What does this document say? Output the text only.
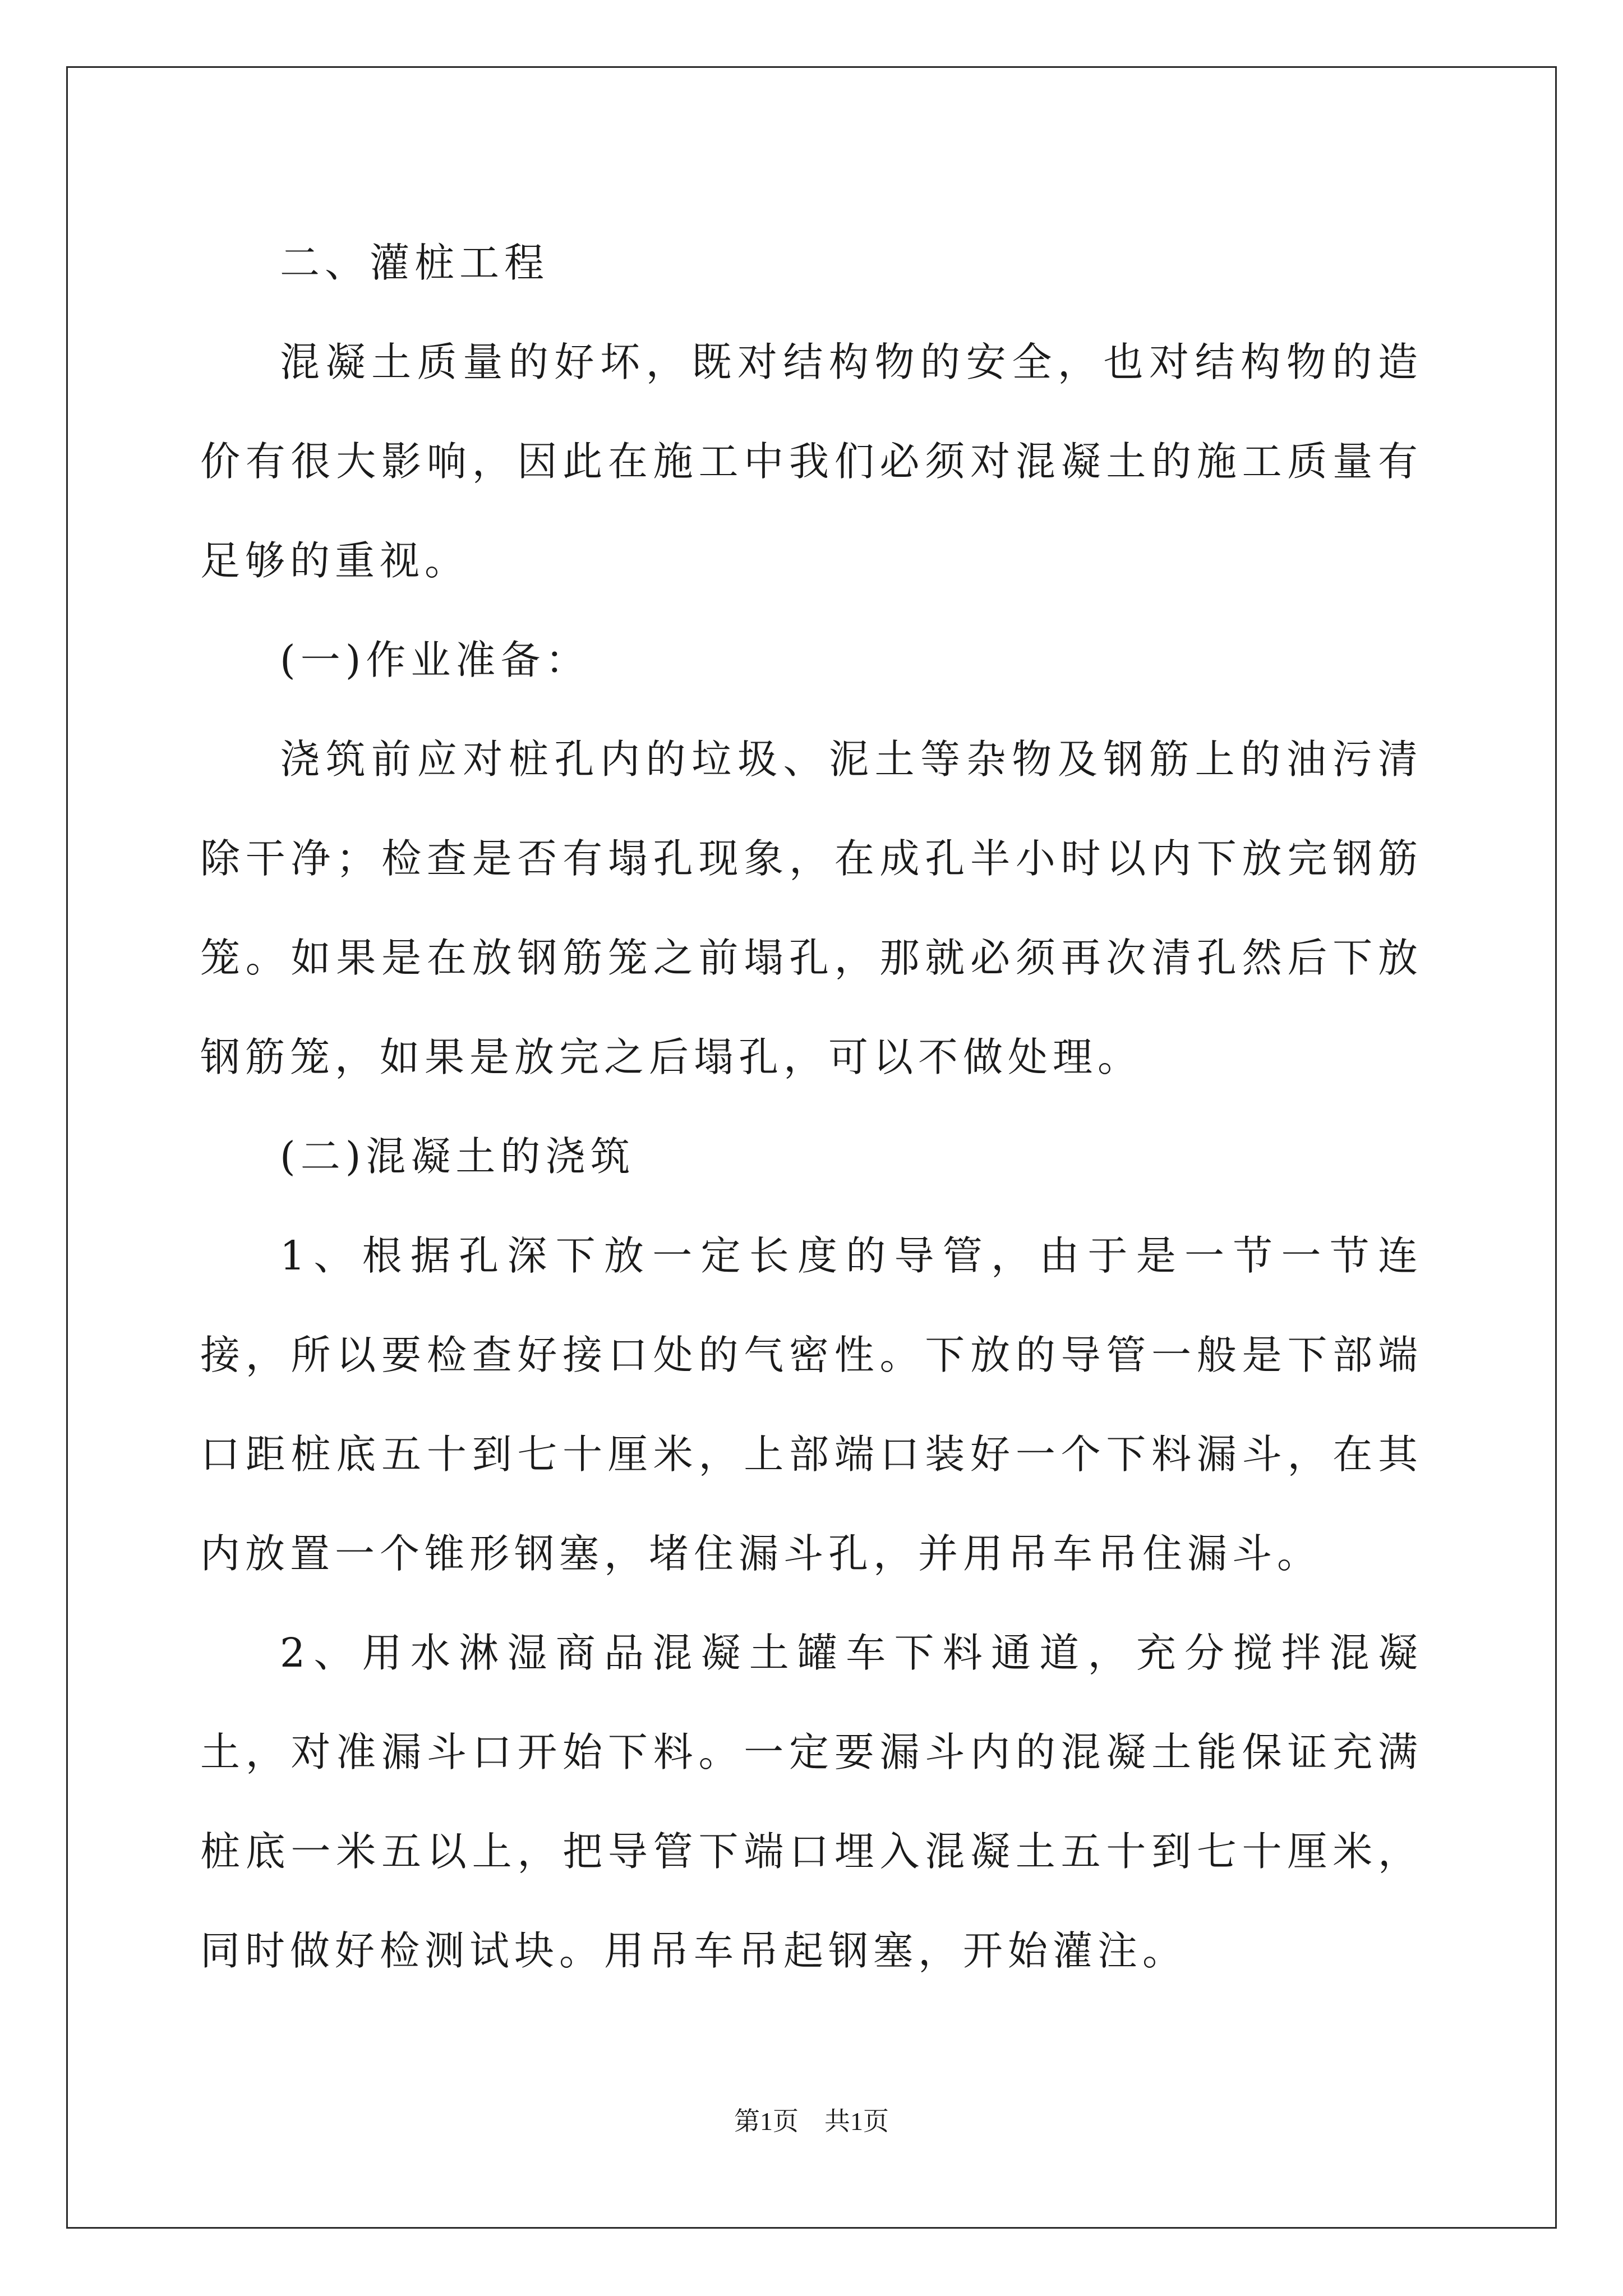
二、灌桩工程

混凝土质量的好坏，既对结构物的安全，也对结构物的造价有很大影响，因此在施工中我们必须对混凝土的施工质量有足够的重视。

(一)作业准备：

浇筑前应对桩孔内的垃圾、泥土等杂物及钢筋上的油污清除干净；检查是否有塌孔现象，在成孔半小时以内下放完钢筋笼。如果是在放钢筋笼之前塌孔，那就必须再次清孔然后下放钢筋笼，如果是放完之后塌孔，可以不做处理。

(二)混凝土的浇筑

1、根据孔深下放一定长度的导管，由于是一节一节连接，所以要检查好接口处的气密性。下放的导管一般是下部端口距桩底五十到七十厘米，上部端口装好一个下料漏斗，在其内放置一个锥形钢塞，堵住漏斗孔，并用吊车吊住漏斗。

2、用水淋湿商品混凝土罐车下料通道，充分搅拌混凝土，对准漏斗口开始下料。一定要漏斗内的混凝土能保证充满桩底一米五以上，把导管下端口埋入混凝土五十到七十厘米，同时做好检测试块。用吊车吊起钢塞，开始灌注。

第1页　共1页
